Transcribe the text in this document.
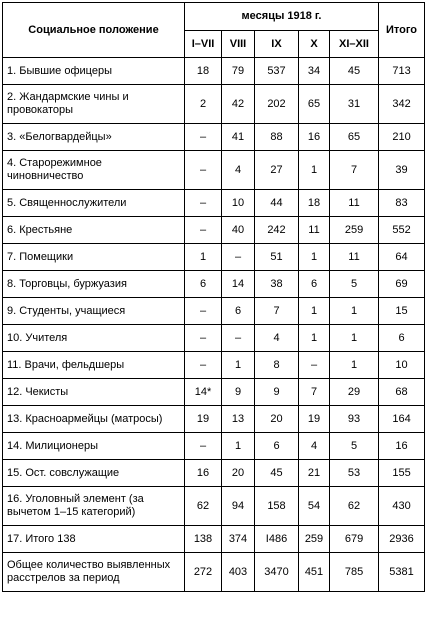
Социальное положение	месяцы 1918 г.					Итого
	I–VII	VIII	IX	X	XI–XII	
1. Бывшие офицеры	18	79	537	34	45	713
2. Жандармские чины и провокаторы	2	42	202	65	31	342
3. «Белогвардейцы»	–	41	88	16	65	210
4. Старорежимное чиновничество	–	4	27	1	7	39
5. Священнослужители	–	10	44	18	11	83
6. Крестьяне	–	40	242	11	259	552
7. Помещики	1	–	51	1	11	64
8. Торговцы, буржуазия	6	14	38	6	5	69
9. Студенты, учащиеся	–	6	7	1	1	15
10. Учителя	–	–	4	1	1	6
11. Врачи, фельдшеры	–	1	8	–	1	10
12. Чекисты	14*	9	9	7	29	68
13. Красноармейцы (матросы)	19	13	20	19	93	164
14. Милиционеры	–	1	6	4	5	16
15. Ост. совслужащие	16	20	45	21	53	155
16. Уголовный элемент (за вычетом 1–15 категорий)	62	94	158	54	62	430
17. Итого 138	138	374	I486	259	679	2936
Общее количество выявленных расстрелов за период	272	403	3470	451	785	5381
